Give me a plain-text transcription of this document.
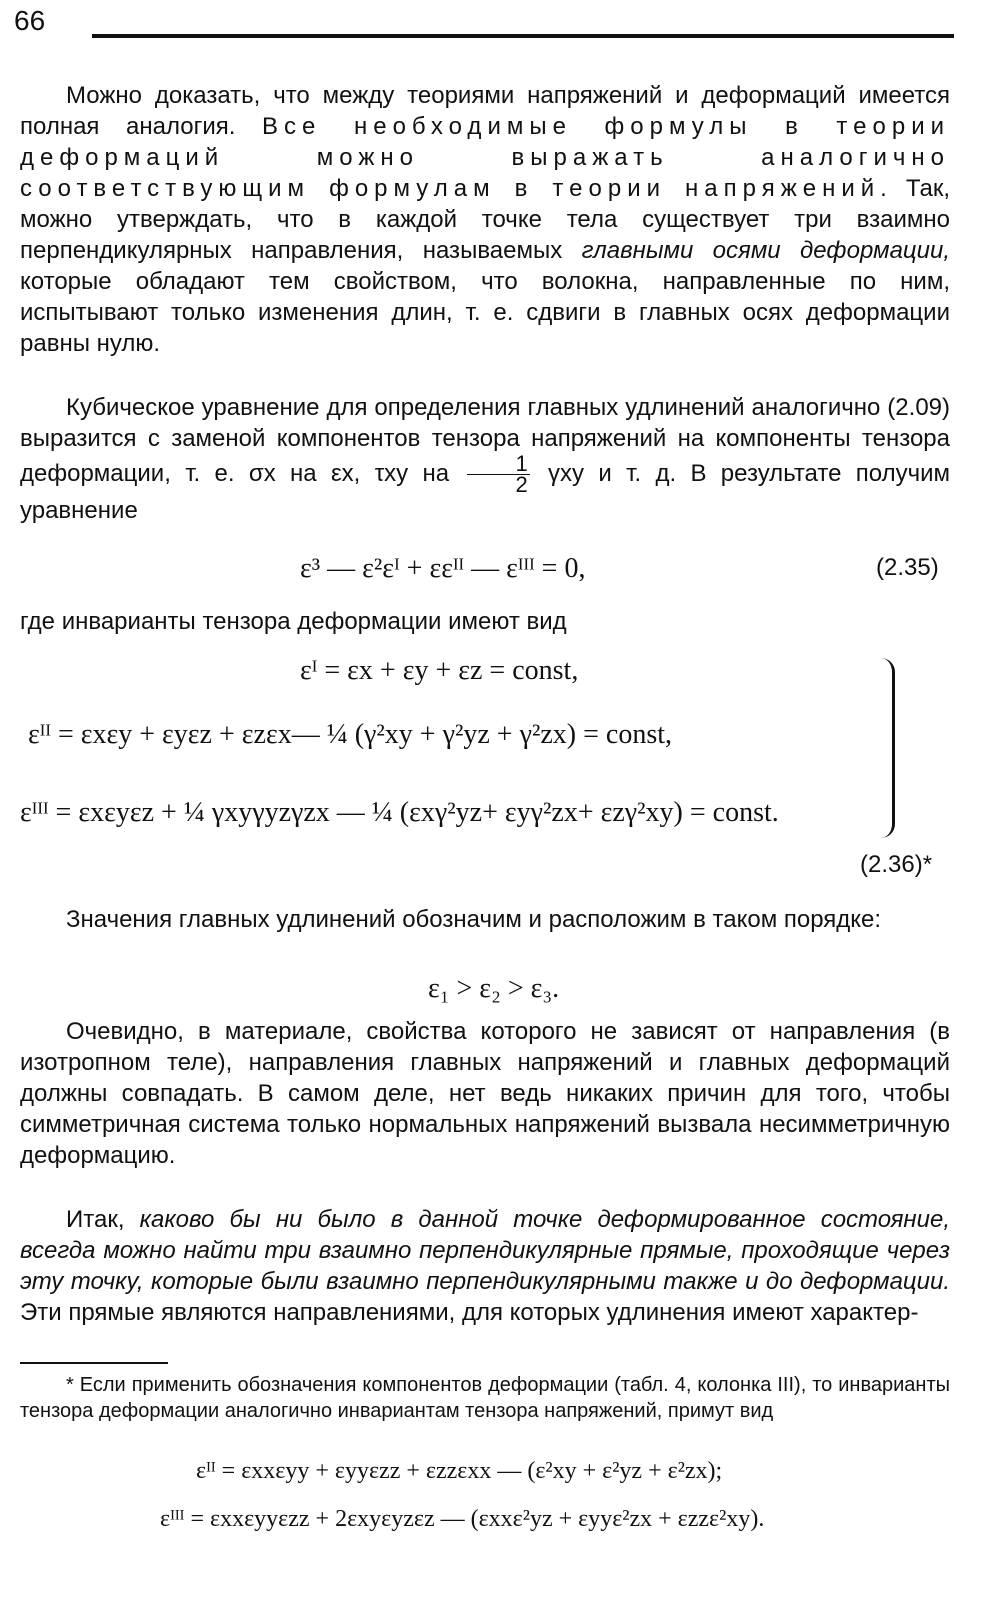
66

Можно доказать, что между теориями напряжений и деформаций имеется полная аналогия. Все необходимые формулы в теории деформаций можно выражать аналогично соответствующим формулам в теории напряжений. Так, можно утверждать, что в каждой точке тела существует три взаимно перпендикулярных направления, называемых главными осями деформации, которые обладают тем свойством, что волокна, направленные по ним, испытывают только изменения длин, т. е. сдвиги в главных осях деформации равны нулю.

Кубическое уравнение для определения главных удлинений аналогично (2.09) выразится с заменой компонентов тензора напряжений на компоненты тензора деформации, т. е. σx на εx, τxy на $\frac{1}{2}$ γxy и т. д. В результате получим уравнение

ε³ — ε²εᴵ + εεᴵᴵ — εᴵᴵᴵ = 0,	(2.35)

где инварианты тензора деформации имеют вид

εᴵ = εx + εy + εz = const,
εᴵᴵ = εxεy + εyεz + εzεx— ¼ (γ²xy + γ²yz + γ²zx) = const,
εᴵᴵᴵ = εxεyεz + ¼ γxyγyzγzx — ¼ (εxγ²yz+ εyγ²zx+ εzγ²xy) = const.
(2.36)*

Значения главных удлинений обозначим и расположим в таком порядке:

ε₁ > ε₂ > ε₃.

Очевидно, в материале, свойства которого не зависят от направления (в изотропном теле), направления главных напряжений и главных деформаций должны совпадать. В самом деле, нет ведь никаких причин для того, чтобы симметричная система только нормальных напряжений вызвала несимметричную деформацию.

Итак, каково бы ни было в данной точке деформированное состояние, всегда можно найти три взаимно перпендикулярные прямые, проходящие через эту точку, которые были взаимно перпендикулярными также и до деформации. Эти прямые являются направлениями, для которых удлинения имеют характер-

* Если применить обозначения компонентов деформации (табл. 4, колонка III), то инварианты тензора деформации аналогично инвариантам тензора напряжений, примут вид

εᴵᴵ = εxxεyy + εyyεzz + εzzεxx — (ε²xy + ε²yz + ε²zx);
εᴵᴵᴵ = εxxεyyεzz + 2εxyεyzεz — (εxxε²yz + εyyε²zx + εzzε²xy).
